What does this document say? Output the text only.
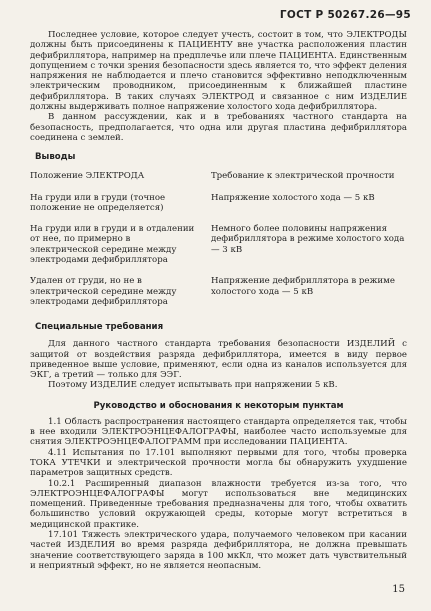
ГОСТ Р 50267.26—95

Последнее условие, которое следует учесть, состоит в том, что ЭЛЕКТРОДЫ должны быть присоединены к ПАЦИЕНТУ вне участка расположения пластин дефибриллятора, например на предплечье или плече ПАЦИЕНТА. Единственным допущением с точки зрения безопасности здесь является то, что эффект деления напряжения не наблюдается и плечо становится эффективно неподключенным электрическим проводником, присоединенным к ближайшей пластине дефибриллятора. В таких случаях ЭЛЕКТРОД и связанное с ним ИЗДЕЛИЕ должны выдерживать полное напряжение холостого хода дефибриллятора.

В данном рассуждении, как и в требованиях частного стандарта на безопасность, предполагается, что одна или другая пластина дефибриллятора соединена с землей.

Выводы
Положение ЭЛЕКТРОДА	Требование к электрической прочности
На груди или в груди (точное положение не определяется)	Напряжение холостого хода — 5 кВ
На груди или в груди и в отдалении от нее, по примерно в электрической середине между электродами дефибриллятора	Немного более половины напряжения дефибриллятора в режиме холостого хода — 3 кВ
Удален от груди, но не в электрической середине между электродами дефибриллятора	Напряжение дефибриллятора в режиме холостого хода — 5 кВ
Специальные требования

Для данного частного стандарта требования безопасности ИЗДЕЛИЙ с защитой от воздействия разряда дефибриллятора, имеется в виду первое приведенное выше условие, применяют, если одна из каналов используется для ЭКГ, а третий — только для ЭЭГ.

Поэтому ИЗДЕЛИЕ следует испытывать при напряжении 5 кВ.

Руководство и обоснования к некоторым пунктам

1.1 Область распространения настоящего стандарта определяется так, чтобы в нее входили ЭЛЕКТРОЭНЦЕФАЛОГРАФЫ, наиболее часто используемые для снятия ЭЛЕКТРОЭНЦЕФАЛОГРАММ при исследовании ПАЦИЕНТА.

4.11 Испытания по 17.101 выполняют первыми для того, чтобы проверка ТОКА УТЕЧКИ и электрической прочности могла бы обнаружить ухудшение параметров защитных средств.

10.2.1 Расширенный диапазон влажности требуется из-за того, что ЭЛЕКТРОЭНЦЕФАЛОГРАФЫ могут использоваться вне медицинских помещений. Приведенные требования предназначены для того, чтобы охватить большинство условий окружающей среды, которые могут встретиться в медицинской практике.

17.101 Тяжесть электрического удара, получаемого человеком при касании частей ИЗДЕЛИЯ во время разряда дефибриллятора, не должна превышать значение соответствующего заряда в 100 мкКл, что может дать чувствительный и неприятный эффект, но не является неопасным.

15
